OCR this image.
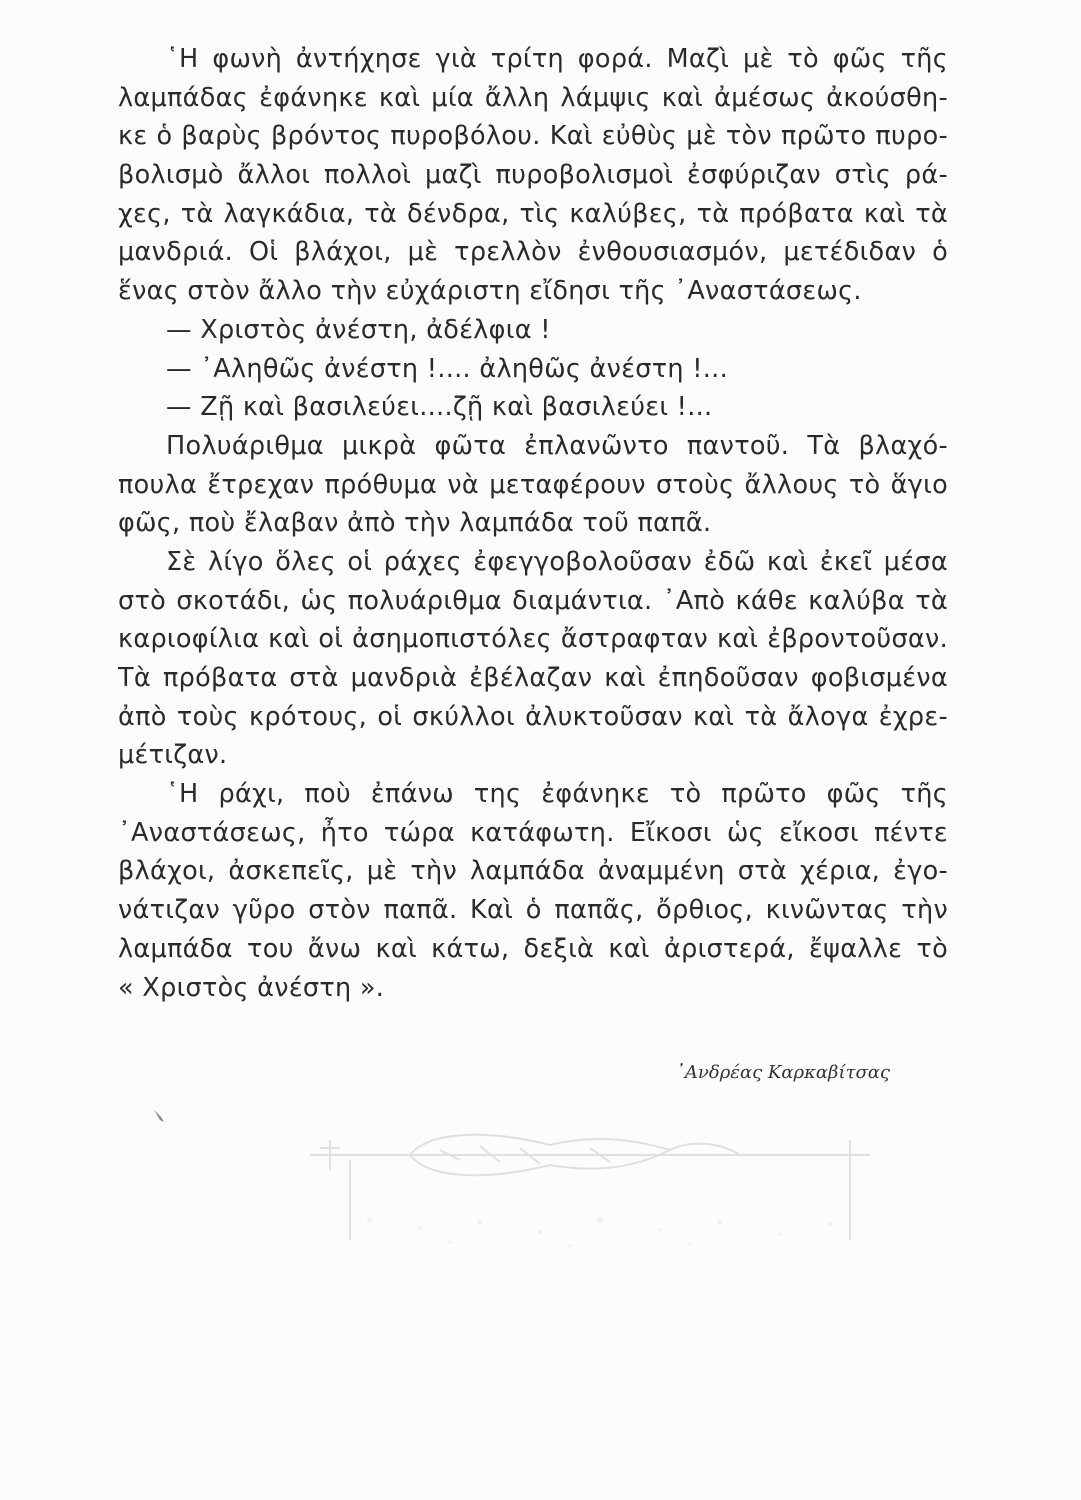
῾Η φωνὴ ἀντήχησε γιὰ τρίτη φορά. Μαζὶ μὲ τὸ φῶς τῆς
λαμπάδας ἐφάνηκε καὶ μία ἄλλη λάμψις καὶ ἀμέσως ἀκούσθη-
κε ὁ βαρὺς βρόντος πυροβόλου. Καὶ εὐθὺς μὲ τὸν πρῶτο πυρο-
βολισμὸ ἄλλοι πολλοὶ μαζὶ πυροβολισμοὶ ἐσφύριζαν στὶς ρά-
χες, τὰ λαγκάδια, τὰ δένδρα, τὶς καλύβες, τὰ πρόβατα καὶ τὰ
μανδριά. Οἱ βλάχοι, μὲ τρελλὸν ἐνθουσιασμόν, μετέδιδαν ὁ
ἕνας στὸν ἄλλο τὴν εὐχάριστη εἴδησι τῆς ᾽Αναστάσεως.
— Χριστὸς ἀνέστη, ἀδέλφια !
— ᾽Αληθῶς ἀνέστη !.... ἀληθῶς ἀνέστη !...
— Ζῇ καὶ βασιλεύει....ζῇ καὶ βασιλεύει !...
Πολυάριθμα μικρὰ φῶτα ἐπλανῶντο παντοῦ. Τὰ βλαχό-
πουλα ἔτρεχαν πρόθυμα νὰ μεταφέρουν στοὺς ἄλλους τὸ ἅγιο
φῶς, ποὺ ἔλαβαν ἀπὸ τὴν λαμπάδα τοῦ παπᾶ.
Σὲ λίγο ὅλες οἱ ράχες ἐφεγγοβολοῦσαν ἐδῶ καὶ ἐκεῖ μέσα
στὸ σκοτάδι, ὡς πολυάριθμα διαμάντια. ᾽Απὸ κάθε καλύβα τὰ
καριοφίλια καὶ οἱ ἀσημοπιστόλες ἄστραφταν καὶ ἐβροντοῦσαν.
Τὰ πρόβατα στὰ μανδριὰ ἐβέλαζαν καὶ ἐπηδοῦσαν φοβισμένα
ἀπὸ τοὺς κρότους, οἱ σκύλλοι ἀλυκτοῦσαν καὶ τὰ ἄλογα ἐχρε-
μέτιζαν.
῾Η ράχι, ποὺ ἐπάνω της ἐφάνηκε τὸ πρῶτο φῶς τῆς
᾽Αναστάσεως, ἦτο τώρα κατάφωτη. Εἴκοσι ὡς εἴκοσι πέντε
βλάχοι, ἀσκεπεῖς, μὲ τὴν λαμπάδα ἀναμμένη στὰ χέρια, ἐγο-
νάτιζαν γῦρο στὸν παπᾶ. Καὶ ὁ παπᾶς, ὄρθιος, κινῶντας τὴν
λαμπάδα του ἄνω καὶ κάτω, δεξιὰ καὶ ἀριστερά, ἔψαλλε τὸ
« Χριστὸς ἀνέστη ».
᾽Ανδρέας Καρκαβίτσας
